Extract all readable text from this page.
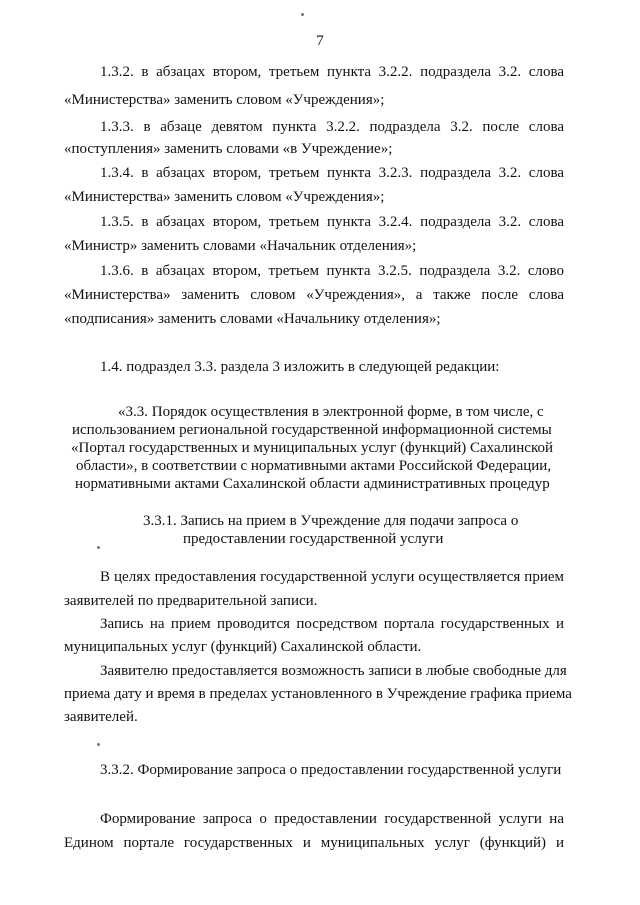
7
1.3.2. в абзацах втором, третьем пункта 3.2.2. подраздела 3.2. слова
«Министерства» заменить словом «Учреждения»;
1.3.3. в абзаце девятом пункта 3.2.2. подраздела 3.2. после слова
«поступления» заменить словами «в Учреждение»;
1.3.4. в абзацах втором, третьем пункта 3.2.3. подраздела 3.2. слова
«Министерства» заменить словом «Учреждения»;
1.3.5. в абзацах втором, третьем пункта 3.2.4. подраздела 3.2. слова
«Министр» заменить словами «Начальник отделения»;
1.3.6. в абзацах втором, третьем пункта 3.2.5. подраздела 3.2. слово
«Министерства» заменить словом «Учреждения», а также после слова
«подписания» заменить словами «Начальнику отделения»;
1.4. подраздел 3.3. раздела 3 изложить в следующей редакции:
«3.3. Порядок осуществления в электронной форме, в том числе, с
использованием региональной государственной информационной системы
«Портал государственных и муниципальных услуг (функций) Сахалинской
области», в соответствии с нормативными актами Российской Федерации,
нормативными актами Сахалинской области административных процедур
3.3.1. Запись на прием в Учреждение для подачи запроса о
предоставлении государственной услуги
В целях предоставления государственной услуги осуществляется прием
заявителей по предварительной записи.
Запись на прием проводится посредством портала государственных и
муниципальных услуг (функций) Сахалинской области.
Заявителю предоставляется возможность записи в любые свободные для
приема дату и время в пределах установленного в Учреждение графика приема
заявителей.
3.3.2. Формирование запроса о предоставлении государственной услуги
Формирование запроса о предоставлении государственной услуги на
Едином портале государственных и муниципальных услуг (функций) и
